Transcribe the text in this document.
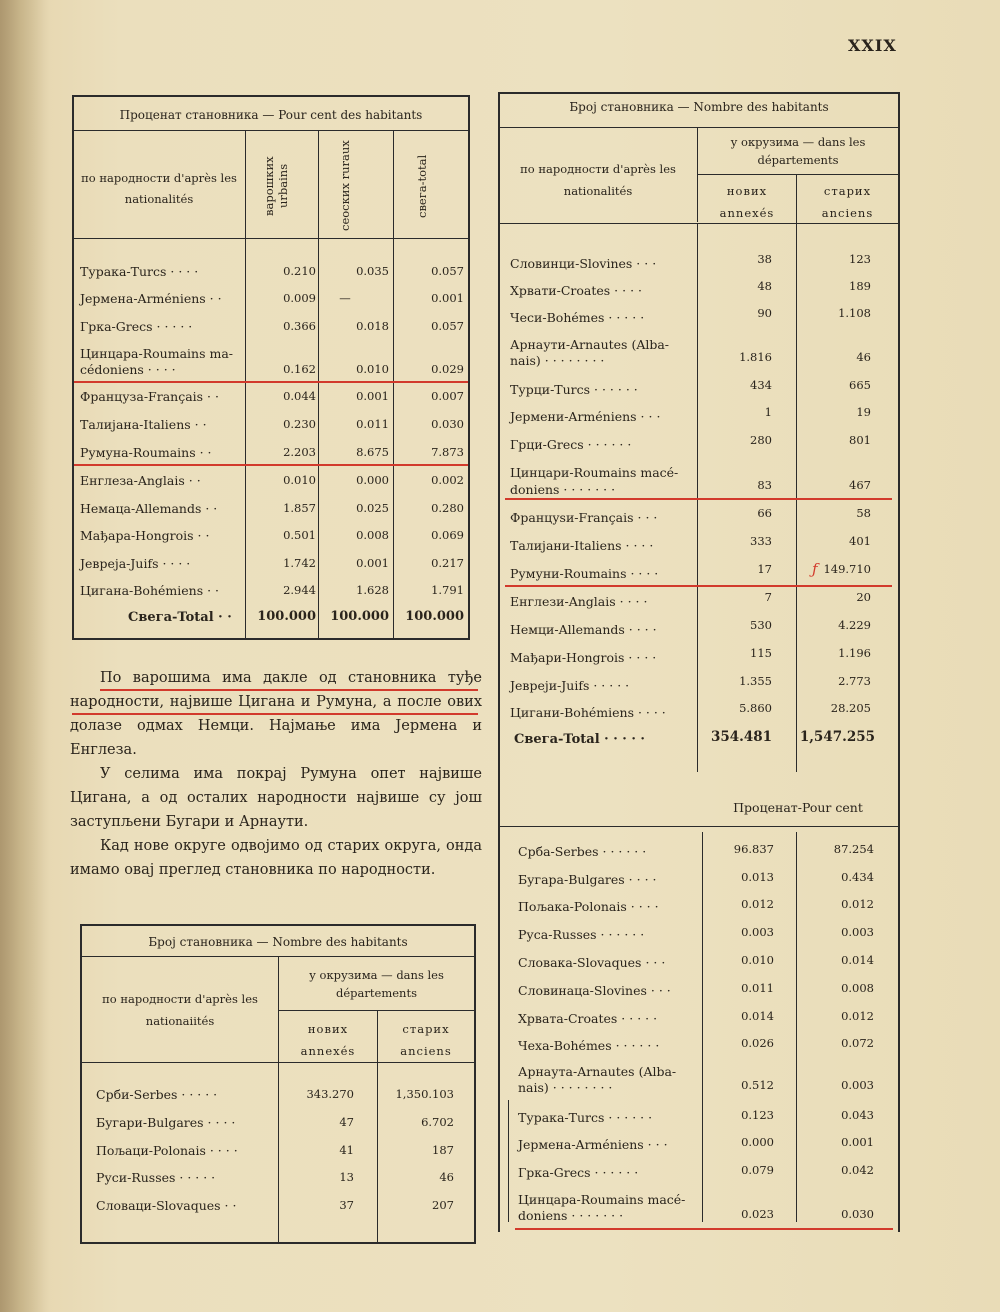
XXIX
Проценат становника — Pour cent des habitants
по народности d'après les nationalités	варошких urbains	сеоских ruraux	свега-total
Турака-Turcs · · · ·	0.210	0.035	0.057
Јермена-Arméniens · ·	0.009	—	0.001
Грка-Grecs · · · · ·	0.366	0.018	0.057
Цинцара-Roumains ma-
cédoniens · · · ·	0.162	0.010	0.029
Француза-Français · ·	0.044	0.001	0.007
Талијана-Italiens · ·	0.230	0.011	0.030
Румуна-Roumains · ·	2.203	8.675	7.873
Енглеза-Anglais · ·	0.010	0.000	0.002
Немаца-Allemands · ·	1.857	0.025	0.280
Мађара-Hongrois · ·	0.501	0.008	0.069
Јевреја-Juifs · · · ·	1.742	0.001	0.217
Цигана-Bohémiens · ·	2.944	1.628	1.791
Свега-Total · ·	100.000	100.000	100.000

По варошима има дакле од становника туђе народности, највише Цигана и Румуна, а после ових долазе одмах Немци. Најмање има Јермена и Енглеза.

У селима има покрај Румуна опет највише Цигана, а од осталих народности највише су још заступљени Бугари и Арнаути.

Кад нове округе одвојимо од старих округа, онда имамо овај преглед становника по народности.

Број становника — Nombre des habitants
по народности d'après les nationaiités
у окрузима — dans les départements
нових annexés
старих anciens
Срби-Serbes · · · · ·	343.270	1,350.103
Бугари-Bulgares · · · ·	47	6.702
Пољаци-Polonais · · · ·	41	187
Руси-Russes · · · · ·	13	46
Словаци-Slovaques · ·	37	207
Број становника — Nombre des habitants
по народности d'après les nationalités
у окрузима — dans les départements
нових annexés
старих anciens
Словинци-Slovines · · ·	38	123
Хрвати-Croates · · · ·	48	189
Чеси-Bohémes · · · · ·	90	1.108
Арнаути-Arnautes (Alba-
nais) · · · · · · · ·	1.816	46
Турци-Turcs · · · · · ·	434	665
Јермени-Arméniens · · ·	1	19
Грци-Grecs · · · · · ·	280	801
Цинцари-Roumains macé-
doniens · · · · · · ·	83	467
Француѕи-Français · · ·	66	58
Талијани-Italiens · · · ·	333	401
Румуни-Roumains · · · ·	17	ƒ 149.710
Енглези-Anglais · · · ·	7	20
Немци-Allemands · · · ·	530	4.229
Мађари-Hongrois · · · ·	115	1.196
Јевреји-Juifs · · · · ·	1.355	2.773
Цигани-Bohémiens · · · ·	5.860	28.205
Свега-Total · · · · ·	354.481 1,547.255
Проценат-Pour cent
Срба-Serbes · · · · · ·	96.837	87.254
Бугара-Bulgares · · · ·	0.013	0.434
Пољака-Polonais · · · ·	0.012	0.012
Руса-Russes · · · · · ·	0.003	0.003
Словака-Slovaques · · ·	0.010	0.014
Словинаца-Slovines · · ·	0.011	0.008
Хрвата-Croates · · · · ·	0.014	0.012
Чеха-Bohémes · · · · · ·	0.026	0.072
Арнаута-Arnautes (Alba-
nais) · · · · · · · ·	0.512	0.003
Турака-Turcs · · · · · ·	0.123	0.043
Јермена-Arméniens · · ·	0.000	0.001
Грка-Grecs · · · · · ·	0.079	0.042
Цинцара-Roumains macé-
doniens · · · · · · ·	0.023	0.030
